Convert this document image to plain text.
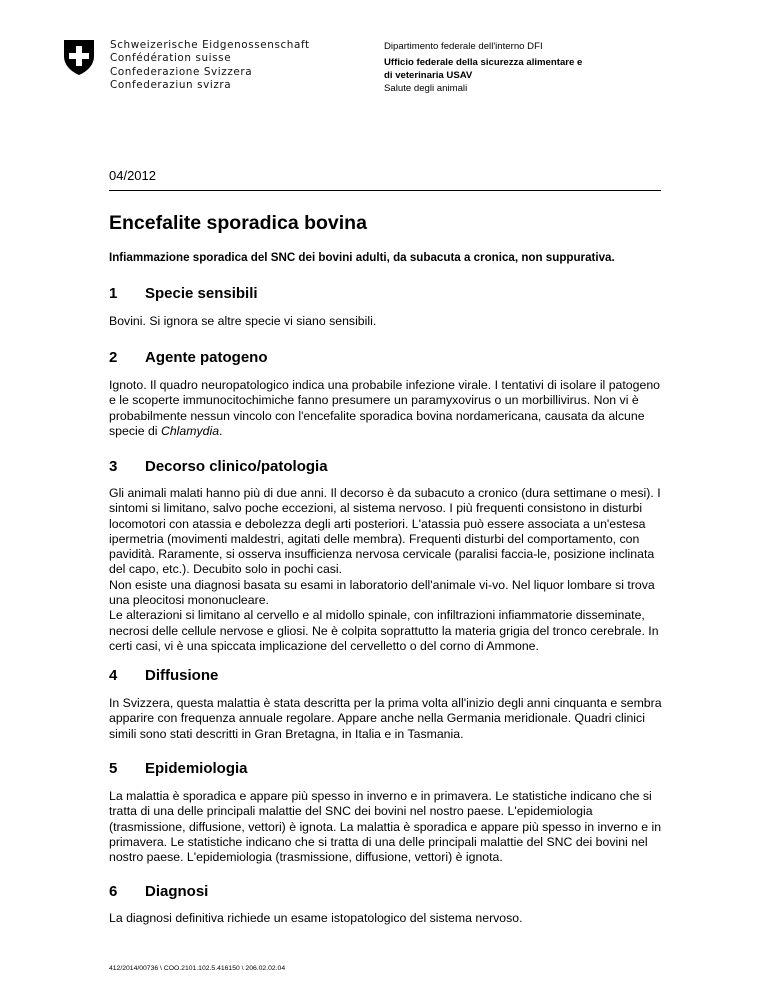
Schweizerische Eidgenossenschaft
Confédération suisse
Confederazione Svizzera
Confederaziun svizra
Dipartimento federale dell'interno DFI
Ufficio federale della sicurezza alimentare e
di veterinaria USAV
Salute degli animali
04/2012
Encefalite sporadica bovina
Infiammazione sporadica del SNC dei bovini adulti, da subacuta a cronica, non suppurativa.
1 Specie sensibili
Bovini. Si ignora se altre specie vi siano sensibili.
2 Agente patogeno
Ignoto. Il quadro neuropatologico indica una probabile infezione virale. I tentativi di isolare il patogeno
e le scoperte immunocitochimiche fanno presumere un paramyxovirus o un morbillivirus. Non vi è
probabilmente nessun vincolo con l'encefalite sporadica bovina nordamericana, causata da alcune
specie di Chlamydia.
3 Decorso clinico/patologia
Gli animali malati hanno più di due anni. Il decorso è da subacuto a cronico (dura settimane o mesi). I
sintomi si limitano, salvo poche eccezioni, al sistema nervoso. I più frequenti consistono in disturbi
locomotori con atassia e debolezza degli arti posteriori. L'atassia può essere associata a un'estesa
ipermetria (movimenti maldestri, agitati delle membra). Frequenti disturbi del comportamento, con
pavidità. Raramente, si osserva insufficienza nervosa cervicale (paralisi faccia-le, posizione inclinata
del capo, etc.). Decubito solo in pochi casi.
Non esiste una diagnosi basata su esami in laboratorio dell'animale vi-vo. Nel liquor lombare si trova
una pleocitosi mononucleare.
Le alterazioni si limitano al cervello e al midollo spinale, con infiltrazioni infiammatorie disseminate,
necrosi delle cellule nervose e gliosi. Ne è colpita soprattutto la materia grigia del tronco cerebrale. In
certi casi, vi è una spiccata implicazione del cervelletto o del corno di Ammone.
4 Diffusione
In Svizzera, questa malattia è stata descritta per la prima volta all'inizio degli anni cinquanta e sembra
apparire con frequenza annuale regolare. Appare anche nella Germania meridionale. Quadri clinici
simili sono stati descritti in Gran Bretagna, in Italia e in Tasmania.
5 Epidemiologia
La malattia è sporadica e appare più spesso in inverno e in primavera. Le statistiche indicano che si
tratta di una delle principali malattie del SNC dei bovini nel nostro paese. L'epidemiologia
(trasmissione, diffusione, vettori) è ignota. La malattia è sporadica e appare più spesso in inverno e in
primavera. Le statistiche indicano che si tratta di una delle principali malattie del SNC dei bovini nel
nostro paese. L'epidemiologia (trasmissione, diffusione, vettori) è ignota.
6 Diagnosi
La diagnosi definitiva richiede un esame istopatologico del sistema nervoso.
412/2014/00736 \ COO.2101.102.5.416150 \ 206.02.02.04
